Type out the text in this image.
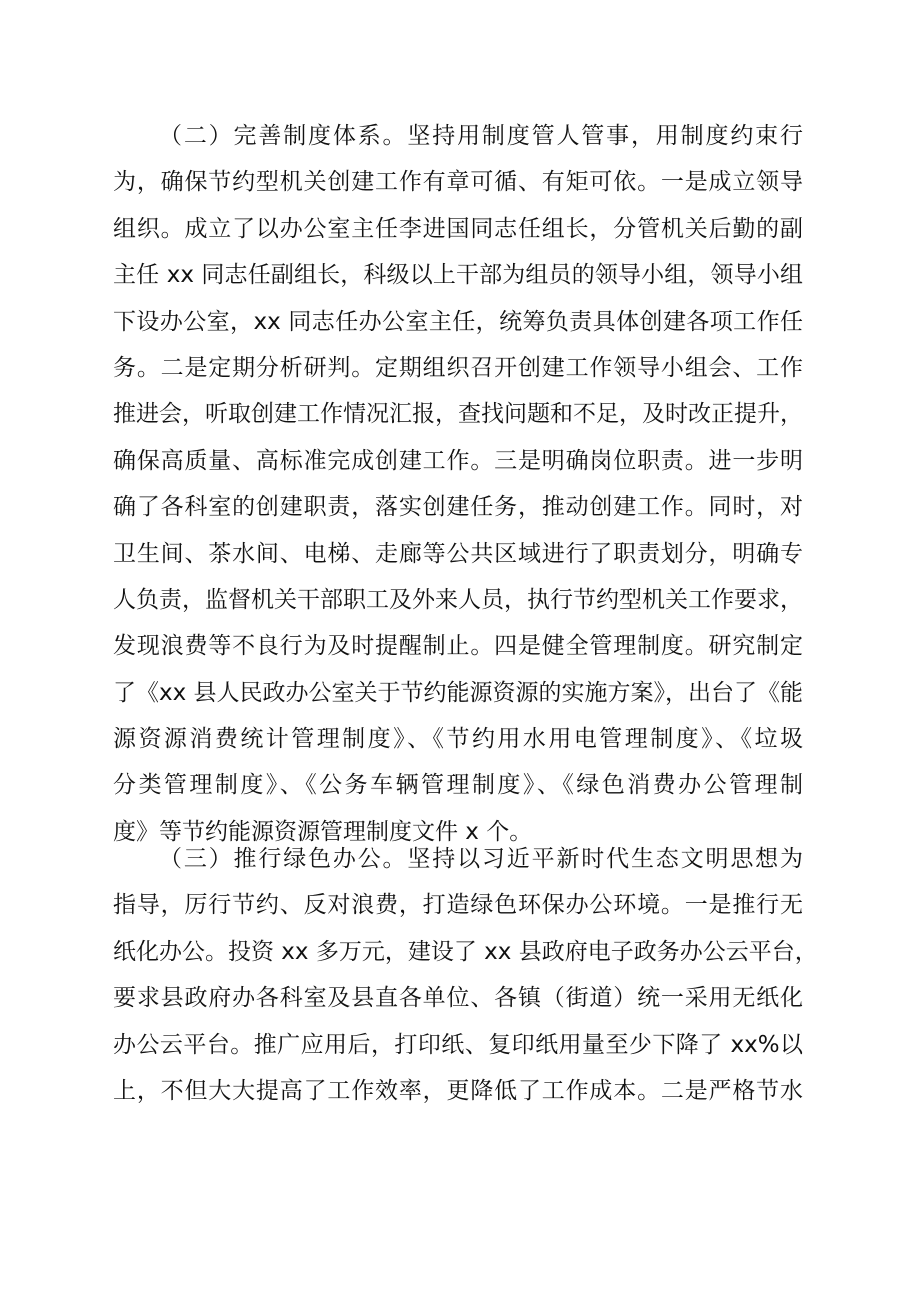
（二）完善制度体系。坚持用制度管人管事，用制度约束行
为，确保节约型机关创建工作有章可循、有矩可依。一是成立领导
组织。成立了以办公室主任李进国同志任组长，分管机关后勤的副
主任 xx 同志任副组长，科级以上干部为组员的领导小组，领导小组
下设办公室，xx 同志任办公室主任，统筹负责具体创建各项工作任
务。二是定期分析研判。定期组织召开创建工作领导小组会、工作
推进会，听取创建工作情况汇报，查找问题和不足，及时改正提升，
确保高质量、高标准完成创建工作。三是明确岗位职责。进一步明
确了各科室的创建职责，落实创建任务，推动创建工作。同时，对
卫生间、茶水间、电梯、走廊等公共区域进行了职责划分，明确专
人负责，监督机关干部职工及外来人员，执行节约型机关工作要求，
发现浪费等不良行为及时提醒制止。四是健全管理制度。研究制定
了《xx 县人民政办公室关于节约能源资源的实施方案》，出台了《能
源资源消费统计管理制度》、《节约用水用电管理制度》、《垃圾
分类管理制度》、《公务车辆管理制度》、《绿色消费办公管理制
度》等节约能源资源管理制度文件 x 个。
（三）推行绿色办公。坚持以习近平新时代生态文明思想为
指导，厉行节约、反对浪费，打造绿色环保办公环境。一是推行无
纸化办公。投资 xx 多万元，建设了 xx 县政府电子政务办公云平台，
要求县政府办各科室及县直各单位、各镇（街道）统一采用无纸化
办公云平台。推广应用后，打印纸、复印纸用量至少下降了 xx%以
上，不但大大提高了工作效率，更降低了工作成本。二是严格节水
